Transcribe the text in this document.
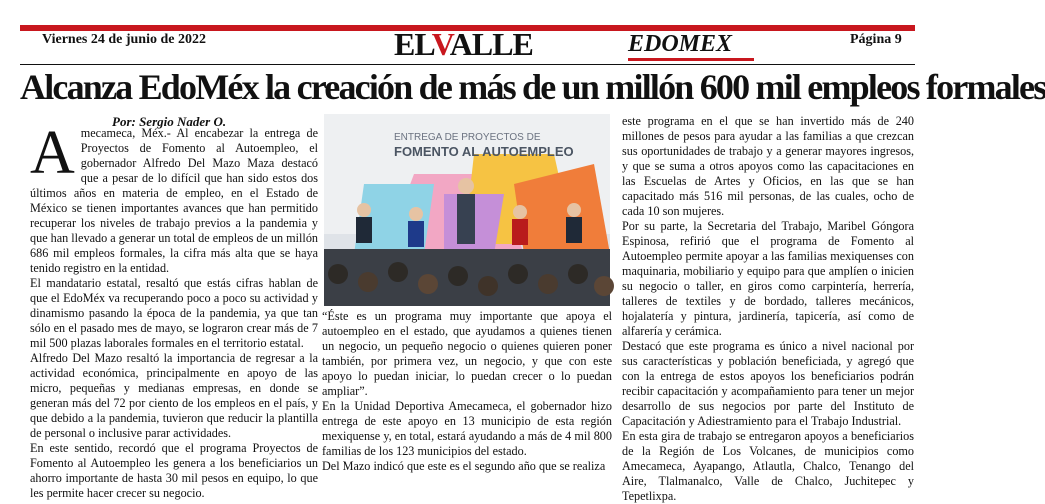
Viernes 24 de junio de 2022	ELVALLE	EDOMEX	Página 9
Alcanza EdoMéx la creación de más de un millón 600 mil empleos formales
Por: Sergio Nader O.

Amecameca, Méx.- Al encabezar la entrega de Proyectos de Fomento al Autoempleo, el gobernador Alfredo Del Mazo Maza destacó que a pesar de lo difícil que han sido estos dos últimos años en materia de empleo, en el Estado de México se tienen importantes avances que han permitido recuperar los niveles de trabajo previos a la pandemia y que han llevado a generar un total de empleos de un millón 686 mil empleos formales, la cifra más alta que se haya tenido registro en la entidad.

El mandatario estatal, resaltó que estás cifras hablan de que el EdoMéx va recuperando poco a poco su actividad y dinamismo pasando la época de la pandemia, ya que tan sólo en el pasado mes de mayo, se lograron crear más de 7 mil 500 plazas laborales formales en el territorio estatal.

Alfredo Del Mazo resaltó la importancia de regresar a la actividad económica, principalmente en apoyo de las micro, pequeñas y medianas empresas, en donde se generan más del 72 por ciento de los empleos en el país, y que debido a la pandemia, tuvieron que reducir la plantilla de personal o inclusive parar actividades.

En este sentido, recordó que el programa Proyectos de Fomento al Autoempleo les genera a los beneficiarios un ahorro importante de hasta 30 mil pesos en equipo, lo que les permite hacer crecer su negocio.

ENTREGA DE PROYECTOS DE
FOMENTO AL AUTOEMPLEO

“Éste es un programa muy importante que apoya el autoempleo en el estado, que ayudamos a quienes tienen un negocio, un pequeño negocio o quienes quieren poner también, por primera vez, un negocio, y que con este apoyo lo puedan iniciar, lo puedan crecer o lo puedan ampliar”.

En la Unidad Deportiva Amecameca, el gobernador hizo entrega de este apoyo en 13 municipio de esta región mexiquense y, en total, estará ayudando a más de 4 mil 800 familias de los 123 municipios del estado.

Del Mazo indicó que este es el segundo año que se realiza

este programa en el que se han invertido más de 240 millones de pesos para ayudar a las familias a que crezcan sus oportunidades de trabajo y a generar mayores ingresos, y que se suma a otros apoyos como las capacitaciones en las Escuelas de Artes y Oficios, en las que se han capacitado más 516 mil personas, de las cuales, ocho de cada 10 son mujeres.

Por su parte, la Secretaria del Trabajo, Maribel Góngora Espinosa, refirió que el programa de Fomento al Autoempleo permite apoyar a las familias mexiquenses con maquinaria, mobiliario y equipo para que amplíen o inicien su negocio o taller, en giros como carpintería, herrería, talleres de textiles y de bordado, talleres mecánicos, hojalatería y pintura, jardinería, tapicería, así como de alfarería y cerámica.

Destacó que este programa es único a nivel nacional por sus características y población beneficiada, y agregó que con la entrega de estos apoyos los beneficiarios podrán recibir capacitación y acompañamiento para tener un mejor desarrollo de sus negocios por parte del Instituto de Capacitación y Adiestramiento para el Trabajo Industrial.

En esta gira de trabajo se entregaron apoyos a beneficiarios de la Región de Los Volcanes, de municipios como Amecameca, Ayapango, Atlautla, Chalco, Tenango del Aire, Tlalmanalco, Valle de Chalco, Juchitepec y Tepetlixpa.
